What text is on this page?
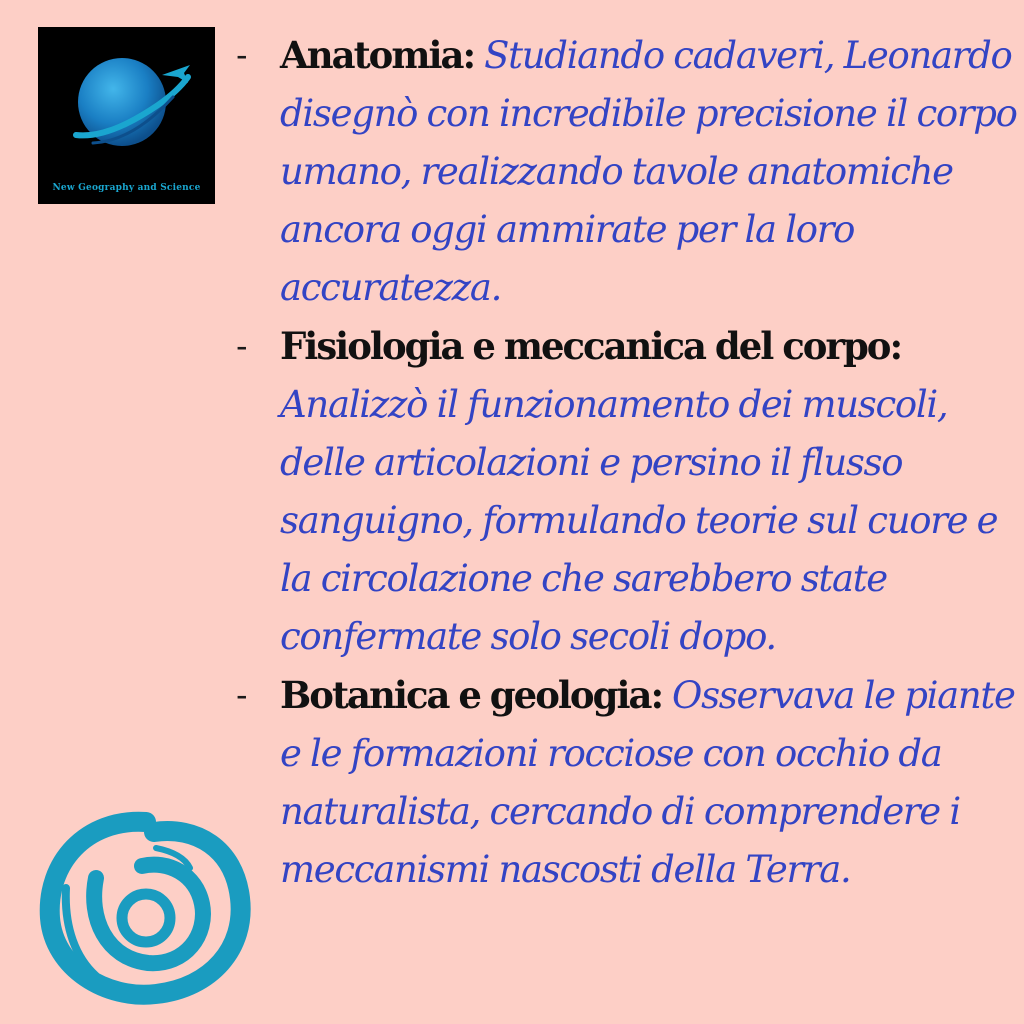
New Geography and Science
- Anatomia: Studiando cadaveri, Leonardo disegnò con incredibile precisione il corpo umano, realizzando tavole anatomiche ancora oggi ammirate per la loro accuratezza.
- Fisiologia e meccanica del corpo: Analizzò il funzionamento dei muscoli, delle articolazioni e persino il flusso sanguigno, formulando teorie sul cuore e la circolazione che sarebbero state confermate solo secoli dopo.
- Botanica e geologia: Osservava le piante e le formazioni rocciose con occhio da naturalista, cercando di comprendere i meccanismi nascosti della Terra.
